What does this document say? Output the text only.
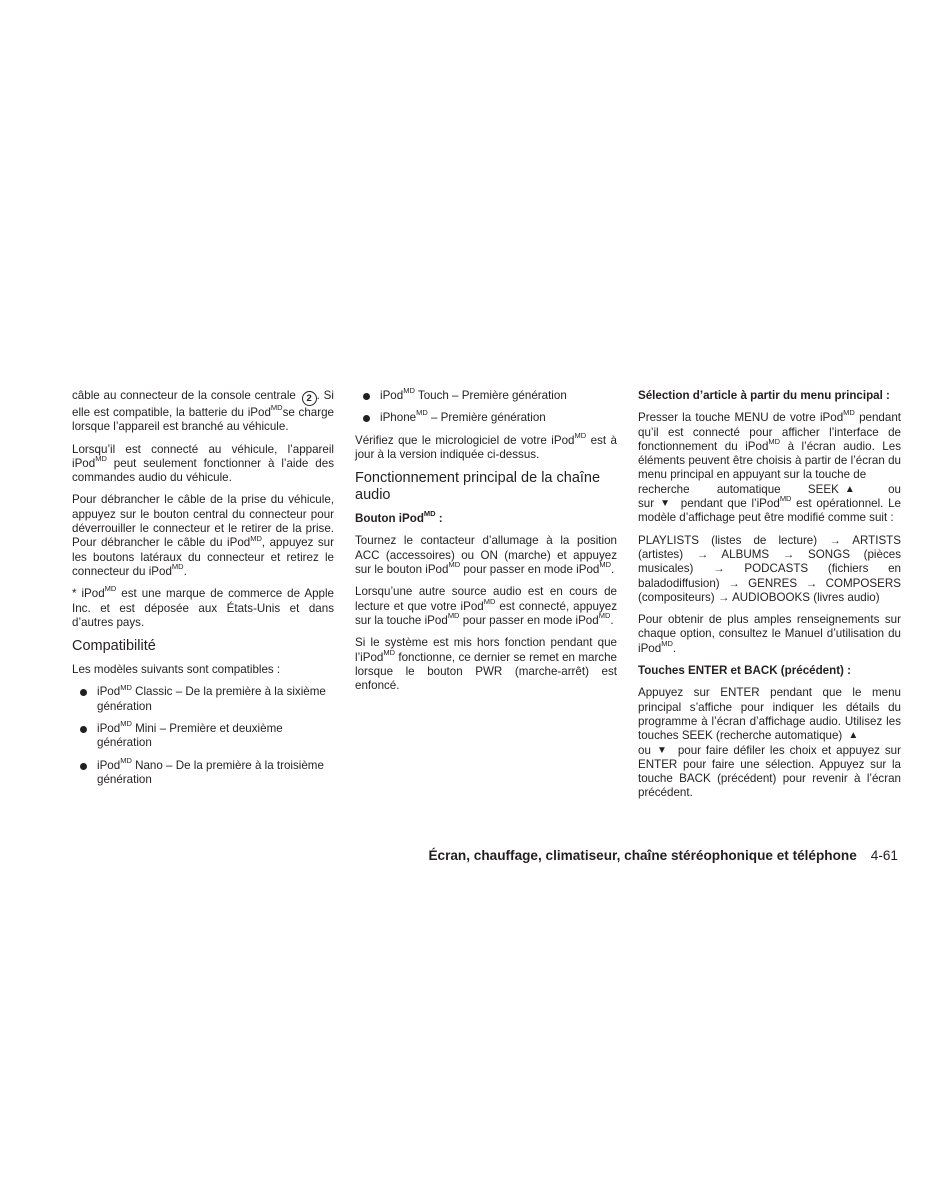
câble au connecteur de la console centrale 2 . Si elle est compatible, la batterie du iPod$^{MD}$se charge lorsque l’appareil est branché au véhicule.

Lorsqu’il est connecté au véhicule, l’appareil iPod$^{MD}$ peut seulement fonctionner à l’aide des commandes audio du véhicule.

Pour débrancher le câble de la prise du véhicule, appuyez sur le bouton central du connecteur pour déverrouiller le connecteur et le retirer de la prise. Pour débrancher le câble du iPod$^{MD}$, appuyez sur les boutons latéraux du connecteur et retirez le connecteur du iPod$^{MD}$.

* iPod$^{MD}$ est une marque de commerce de Apple Inc. et est déposée aux États-Unis et dans d’autres pays.

Compatibilité

Les modèles suivants sont compatibles :

iPod$^{MD}$ Classic – De la première à la sixième génération
iPod$^{MD}$ Mini – Première et deuxième génération
iPod$^{MD}$ Nano – De la première à la troisième génération
iPod$^{MD}$ Touch – Première génération
iPhone$^{MD}$ – Première génération

Vérifiez que le micrologiciel de votre iPod$^{MD}$ est à jour à la version indiquée ci-dessus.

Fonctionnement principal de la chaîne audio
Bouton iPod$^{MD}$ :

Tournez le contacteur d’allumage à la position ACC (accessoires) ou ON (marche) et appuyez sur le bouton iPod$^{MD}$ pour passer en mode iPod$^{MD}$.

Lorsqu’une autre source audio est en cours de lecture et que votre iPod$^{MD}$ est connecté, appuyez sur la touche iPod$^{MD}$ pour passer en mode iPod$^{MD}$.

Si le système est mis hors fonction pendant que l’iPod$^{MD}$ fonctionne, ce dernier se remet en marche lorsque le bouton PWR (marche-arrêt) est enfoncé.

Sélection d’article à partir du menu principal :

Presser la touche MENU de votre iPod$^{MD}$ pendant qu’il est connecté pour afficher l’interface de fonctionnement du iPod$^{MD}$ à l’écran audio. Les éléments peuvent être choisis à partir de l’écran du menu principal en appuyant sur la touche de

recherche automatique SEEK ▲	ou

sur ▼ pendant que l’iPod$^{MD}$ est opérationnel. Le modèle d’affichage peut être modifié comme suit :

PLAYLISTS (listes de lecture) → ARTISTS (artistes) → ALBUMS → SONGS (pièces musicales) → PODCASTS (fichiers en baladodiffusion) → GENRES → COMPOSERS (compositeurs) → AUDIOBOOKS (livres audio)

Pour obtenir de plus amples renseignements sur chaque option, consultez le Manuel d’utilisation du iPod$^{MD}$.

Touches ENTER et BACK (précédent) :

Appuyez sur ENTER pendant que le menu principal s’affiche pour indiquer les détails du programme à l’écran d’affichage audio. Utilisez les touches SEEK (recherche automatique) ▲
ou ▼ pour faire défiler les choix et appuyez sur ENTER pour faire une sélection. Appuyez sur la touche BACK (précédent) pour revenir à l’écran précédent.

Écran, chauffage, climatiseur, chaîne stéréophonique et téléphone 4-61
